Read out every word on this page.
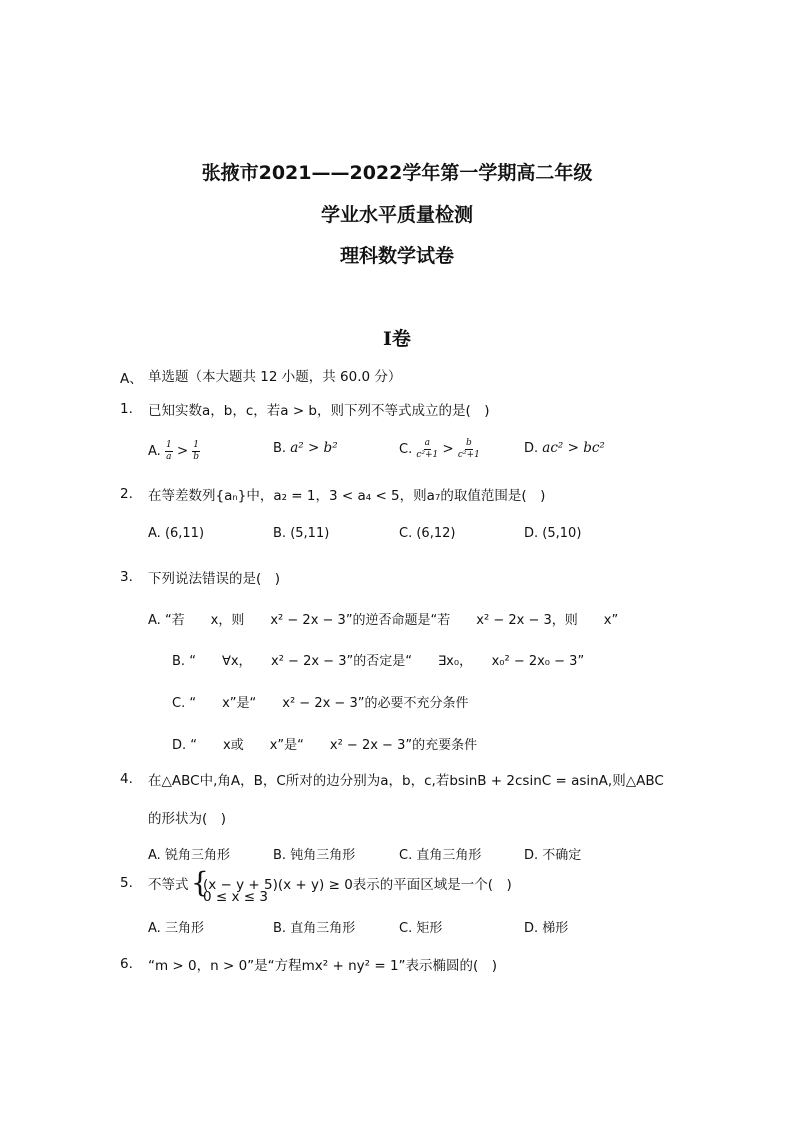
张掖市2021——2022学年第一学期高二年级
学业水平质量检测
理科数学试卷
Ⅰ卷
A、 单选题（本大题共 12 小题，共 60.0 分）
1. 已知实数a，b，c，若a > b，则下列不等式成立的是(　)
A. $\frac{1}{a} > \frac{1}{b}$	B. a² > b²	C. $\frac{a}{\text{c²+1}} > \frac{b}{\text{c²+1}}$	D. ac² > bc²
2. 在等差数列{aₙ}中，a₂ = 1，3 < a₄ < 5，则a₇的取值范围是(　)
A. (6,11)	B. (5,11)	C. (6,12)	D. (5,10)
3. 下列说法错误的是(　)
A. “若　　x，则　　x² − 2x − 3”的逆否命题是“若　　x² − 2x − 3，则　　x”
B. “　　∀x，　　x² − 2x − 3”的否定是“　　∃x₀，　　x₀² − 2x₀ − 3”
C. “　　x”是“　　x² − 2x − 3”的必要不充分条件
D. “　　x或　　x”是“　　x² − 2x − 3”的充要条件
4. 在△ABC中,角A，B，C所对的边分别为a，b，c,若bsinB + 2csinC = asinA,则△ABC
的形状为(　)
A. 锐角三角形	B. 钝角三角形	C. 直角三角形	D. 不确定
5. 不等式 {
(x − y + 5)(x + y) ≥ 0表示的平面区域是一个(　)
0 ≤ x ≤ 3
A. 三角形	B. 直角三角形	C. 矩形	D. 梯形
6. “m > 0，n > 0”是“方程mx² + ny² = 1”表示椭圆的(　)
